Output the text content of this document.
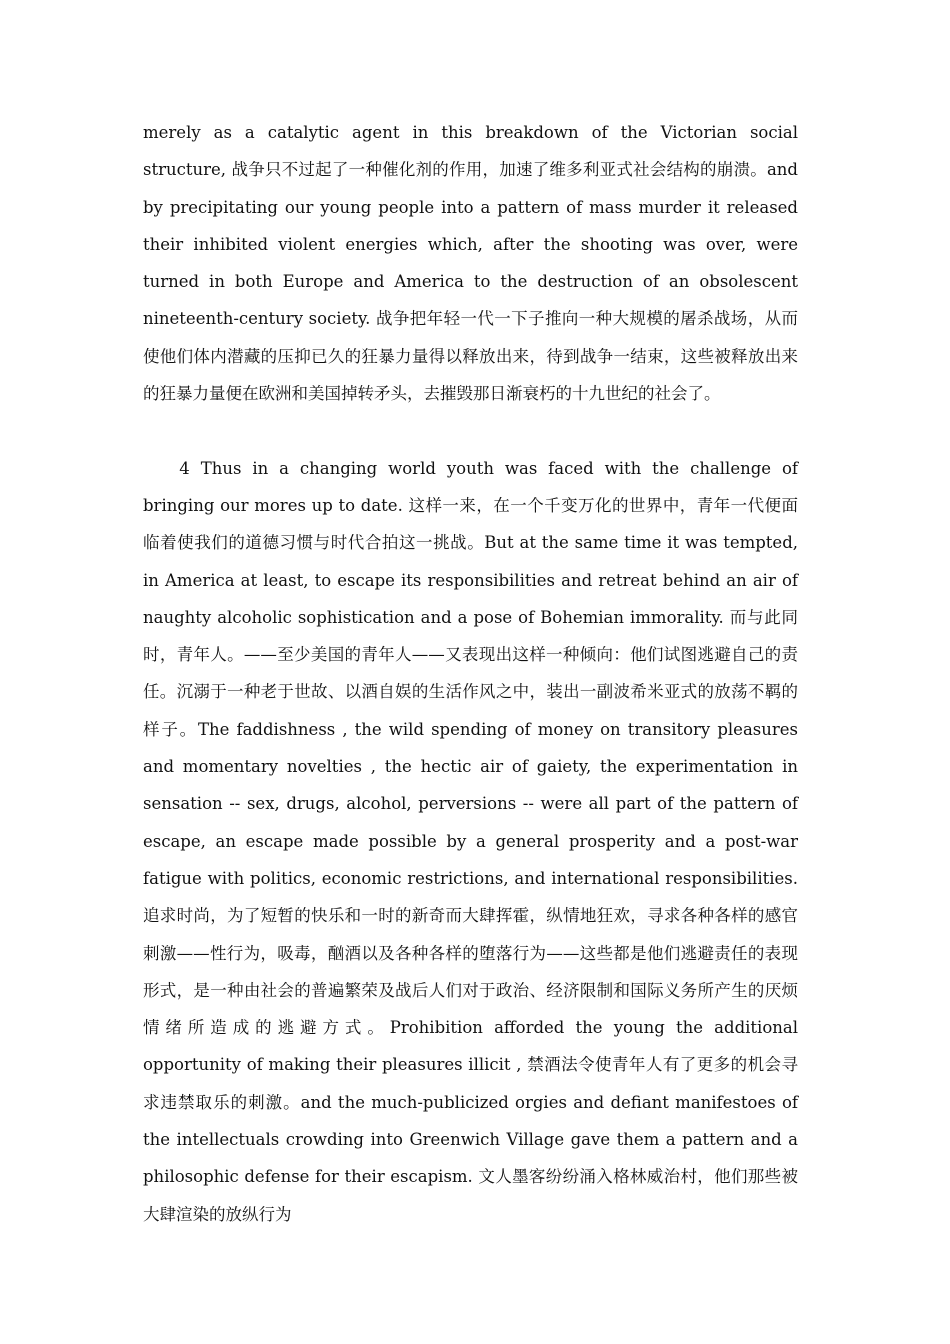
merely as a catalytic agent in this breakdown of the Victorian social structure, 战争只不过起了一种催化剂的作用，加速了维多利亚式社会结构的崩溃。and by precipitating our young people into a pattern of mass murder it released their inhibited violent energies which, after the shooting was over, were turned in both Europe and America to the destruction of an obsolescent nineteenth-century society. 战争把年轻一代一下子推向一种大规模的屠杀战场，从而使他们体内潜藏的压抑已久的狂暴力量得以释放出来，待到战争一结束，这些被释放出来的狂暴力量便在欧洲和美国掉转矛头，去摧毁那日渐衰朽的十九世纪的社会了。

4 Thus in a changing world youth was faced with the challenge of bringing our mores up to date. 这样一来，在一个千变万化的世界中，青年一代便面临着使我们的道德习惯与时代合拍这一挑战。But at the same time it was tempted, in America at least, to escape its responsibilities and retreat behind an air of naughty alcoholic sophistication and a pose of Bohemian immorality. 而与此同时，青年人。——至少美国的青年人——又表现出这样一种倾向：他们试图逃避自己的责任。沉溺于一种老于世故、以酒自娱的生活作风之中，装出一副波希米亚式的放荡不羁的样子。The faddishness , the wild spending of money on transitory pleasures and momentary novelties , the hectic air of gaiety, the experimentation in sensation -- sex, drugs, alcohol, perversions -- were all part of the pattern of escape, an escape made possible by a general prosperity and a post-war fatigue with politics, economic restrictions, and international responsibilities. 追求时尚，为了短暂的快乐和一时的新奇而大肆挥霍，纵情地狂欢，寻求各种各样的感官刺激——性行为，吸毒，酗酒以及各种各样的堕落行为——这些都是他们逃避责任的表现形式，是一种由社会的普遍繁荣及战后人们对于政治、经济限制和国际义务所产生的厌烦情绪所造成的逃避方式。Prohibition afforded the young the additional opportunity of making their pleasures illicit , 禁酒法令使青年人有了更多的机会寻求违禁取乐的刺激。and the much-publicized orgies and defiant manifestoes of the intellectuals crowding into Greenwich Village gave them a pattern and a philosophic defense for their escapism. 文人墨客纷纷涌入格林威治村，他们那些被大肆渲染的放纵行为
